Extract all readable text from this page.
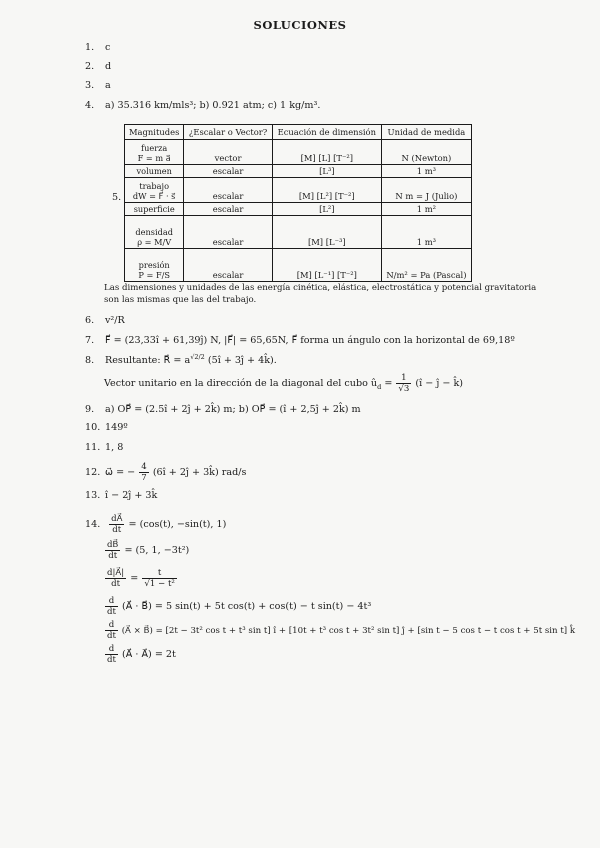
SOLUCIONES
1. c
2. d
3. a
4. a) 35.316 km/mls³; b) 0.921 atm; c) 1 kg/m³.
5.
Magnitudes	¿Escalar o Vector?	Ecuación de dimensión	Unidad de medida

fuerza
F = m a⃗	vector	[M] [L] [T⁻²]	N (Newton)

volumen	escalar	[L³]	1 m³

trabajo
dW = F⃗ · s⃗	escalar	[M] [L²] [T⁻²]	N m = J (Julio)

superficie	escalar	[L²]	1 m²

densidad
ρ = M/V	escalar	[M] [L⁻³]	1 m³

presión
P = F/S	escalar	[M] [L⁻¹] [T⁻²]	N/m² = Pa (Pascal)
Las dimensiones y unidades de las energía cinética, elástica, electrostática y potencial gravitatoria son las mismas que las del trabajo.
6. v²/R
7. F⃗ = (23,33î + 61,39ĵ) N, |F⃗| = 65,65N, F⃗ forma un ángulo con la horizontal de 69,18º
8. Resultante: R⃗ = $a^{√2/2}$ (5î + 3ĵ + 4k̂).
Vector unitario en la dirección de la diagonal del cubo $û_d = \frac{1}{√3}$ (î − ĵ − k̂)
9. a) OP⃗ = (2.5î + 2ĵ + 2k̂) m; b) OP⃗ = (î + 2,5ĵ + 2k̂) m
10. 149º
11. 1, 8
12. ω⃗ = − $\frac{4}{7}$ (6î + 2ĵ + 3k̂) rad/s
13. î − 2ĵ + 3k̂
14. $\frac{dA⃗}{dt} = (\cos(t)$, −sin(t), 1)
$\frac{dB⃗}{dt} = (5$, 1, −3t²)
$\frac{d|A⃗|}{dt} = \frac{t}{\text{√1 − t²}}$
$\frac{d}{dt}$ (A⃗ · B⃗) = 5 sin(t) + 5t cos(t) + cos(t) − t sin(t) − 4t³
$\frac{d}{dt}$ (A⃗ × B⃗) = [2t − 3t² cos t + t³ sin t] î + [10t + t³ cos t + 3t² sin t] ĵ + [sin t − 5 cos t − t cos t + 5t sin t] k̂
$\frac{d}{dt}$ (A⃗ · A⃗) = 2t
